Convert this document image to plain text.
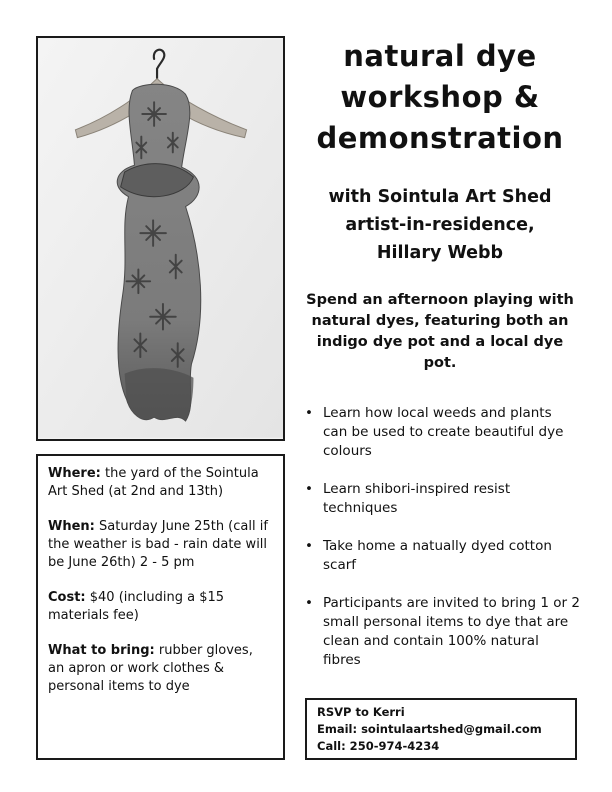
natural dye
workshop &
demonstration
with Sointula Art Shed
artist-in-residence,
Hillary Webb

Spend an afternoon playing with natural dyes, featuring both an indigo dye pot and a local dye pot.

• Learn how local weeds and plants can be used to create beautiful dye colours
• Learn shibori-inspired resist techniques
• Take home a natually dyed cotton scarf
• Participants are invited to bring 1 or 2 small personal items to dye that are clean and contain 100% natural fibres

Where: the yard of the Sointula Art Shed (at 2nd and 13th)

When: Saturday June 25th (call if the weather is bad - rain date will be June 26th) 2 - 5 pm

Cost: $40 (including a $15 materials fee)

What to bring: rubber gloves, an apron or work clothes & personal items to dye

RSVP to Kerri
Email: sointulaartshed@gmail.com
Call: 250-974-4234
